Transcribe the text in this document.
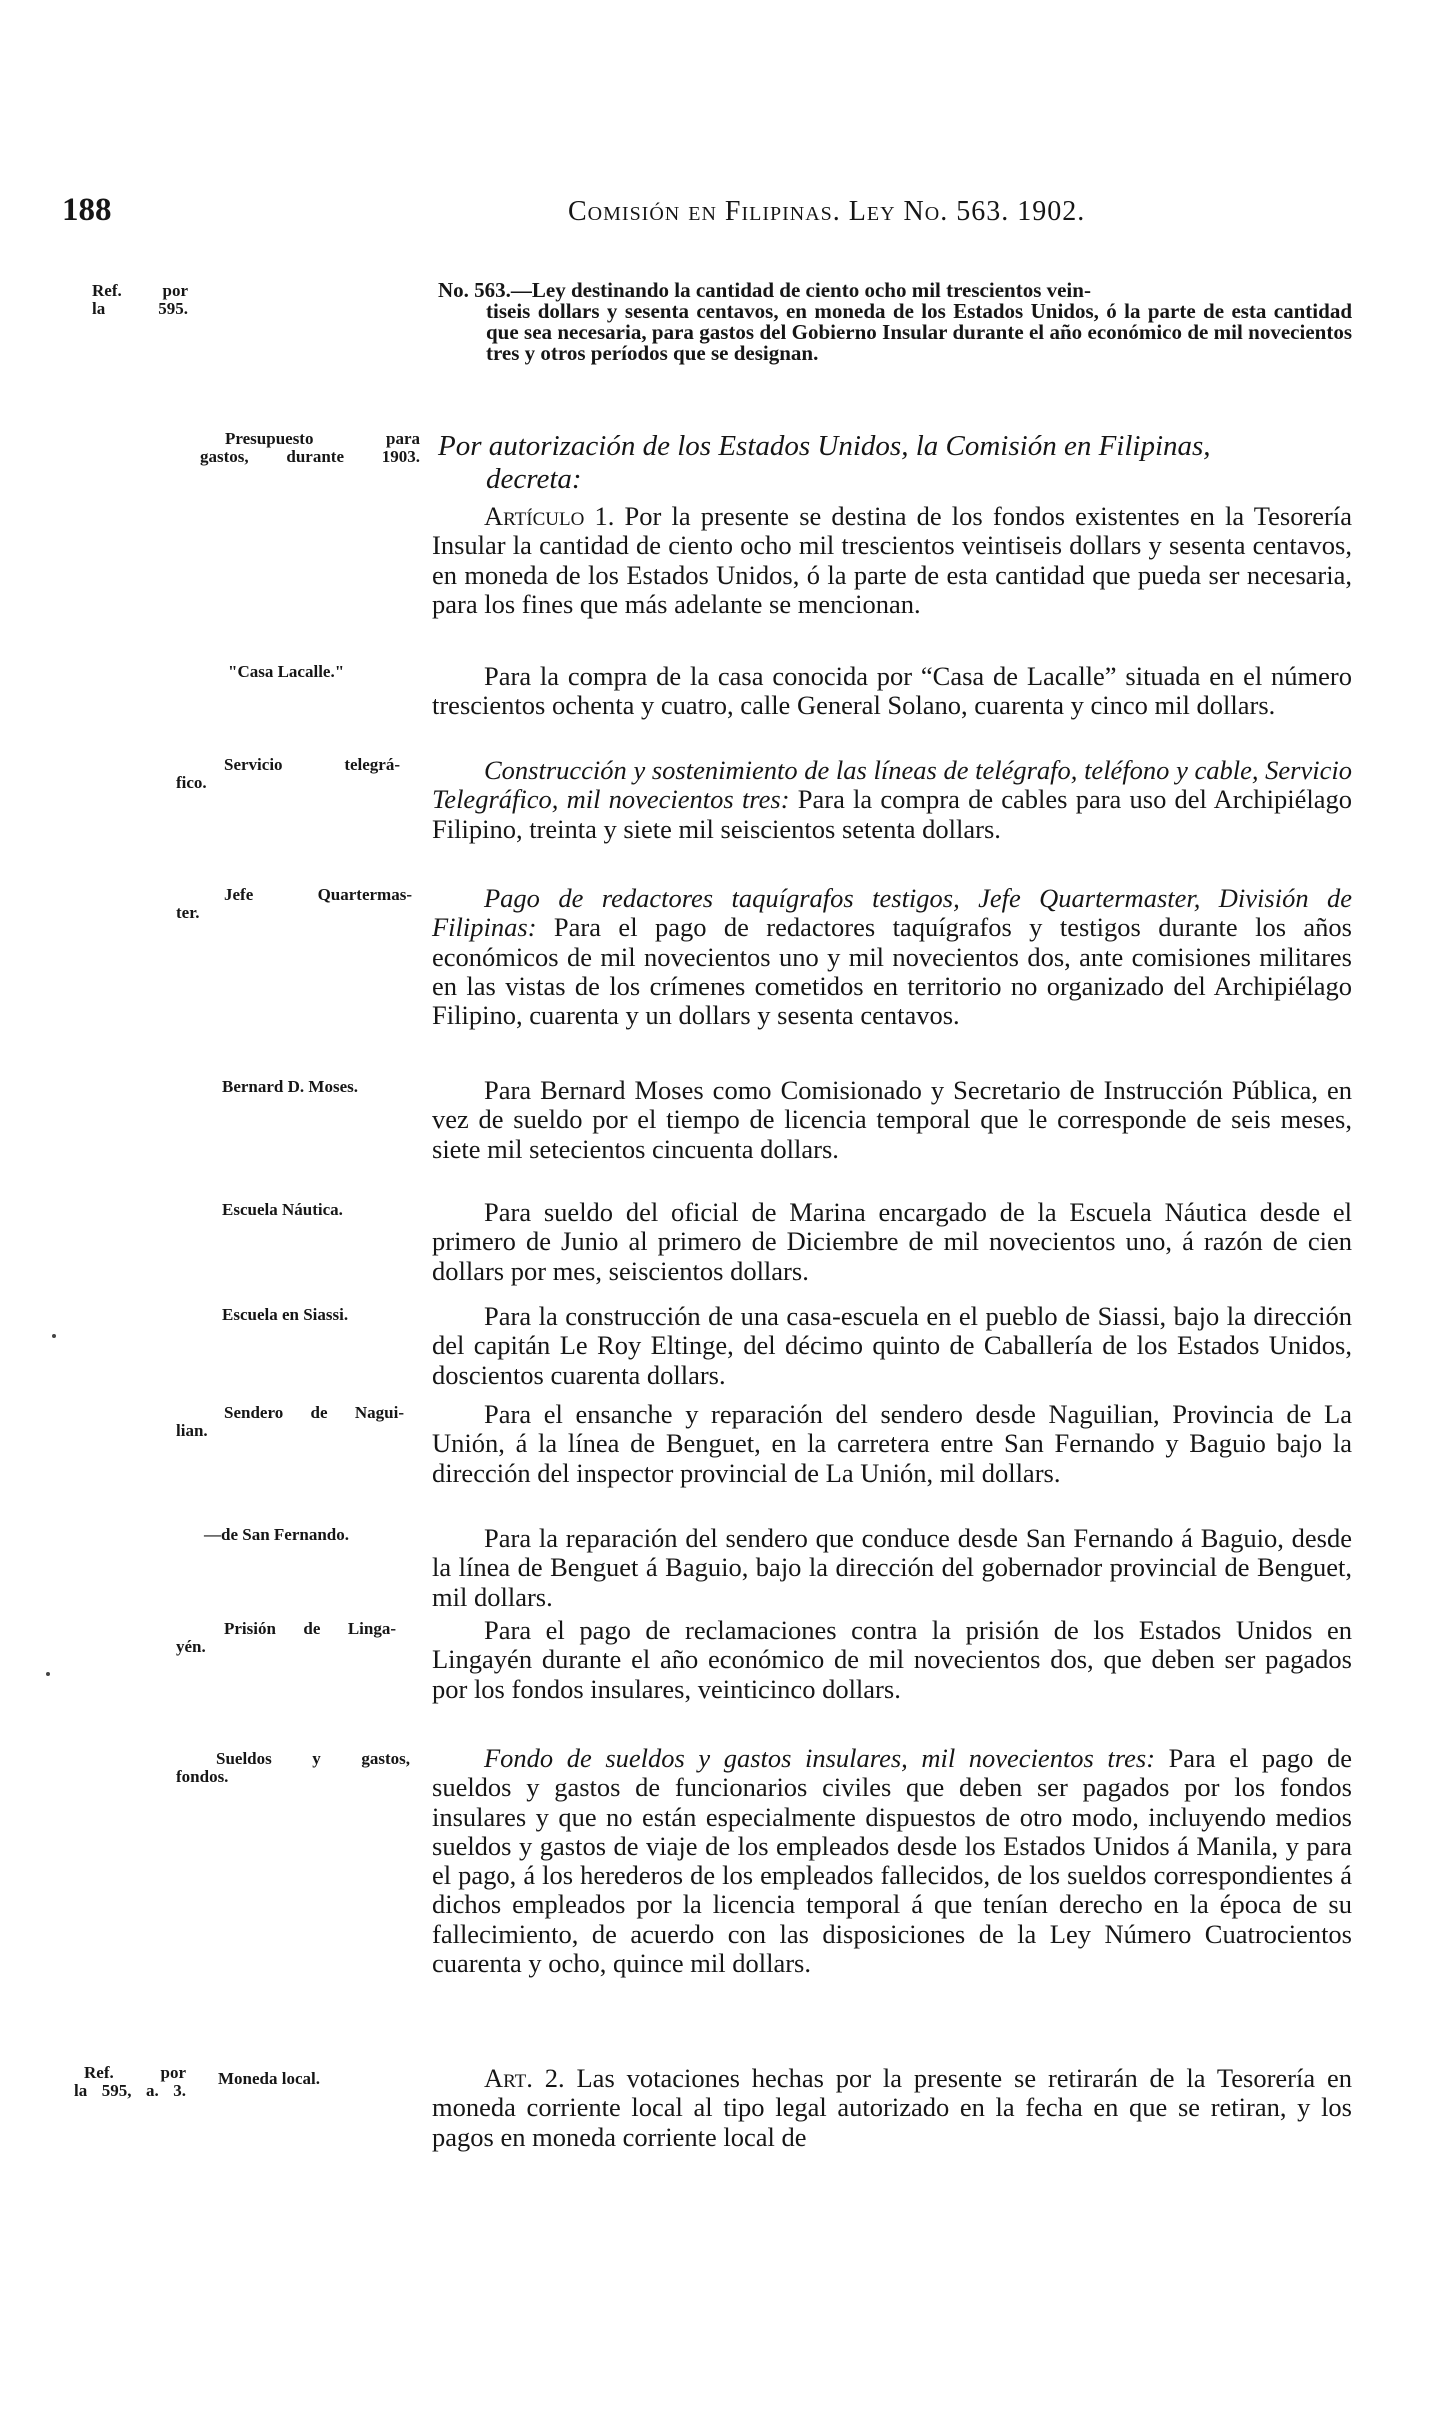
188	Comisión en Filipinas. Ley No. 563. 1902.
Ref. por
la 595.
Presupuesto para
gastos, durante 1903.
"Casa Lacalle."
Servicio telegrá-
fico.
Jefe Quartermas-
ter.
Bernard D. Moses.
Escuela Náutica.
Escuela en Siassi.
Sendero de Nagui-
lian.
—de San Fernando.
Prisión de Linga-
yén.
Sueldos y gastos,
fondos.
Ref. por
la 595, a. 3.
Moneda local.
No. 563.—Ley destinando la cantidad de ciento ocho mil trescientos vein-
tiseis dollars y sesenta centavos, en moneda de los Estados Unidos, ó la parte de esta cantidad que sea necesaria, para gastos del Gobierno Insular durante el año económico de mil novecientos tres y otros períodos que se designan.
Por autorización de los Estados Unidos, la Comisión en Filipinas,
decreta:

Artículo 1. Por la presente se destina de los fondos existentes en la Tesorería Insular la cantidad de ciento ocho mil trescientos veintiseis dollars y sesenta centavos, en moneda de los Estados Unidos, ó la parte de esta cantidad que pueda ser necesaria, para los fines que más adelante se mencionan.

Para la compra de la casa conocida por “Casa de Lacalle” situada en el número trescientos ochenta y cuatro, calle General Solano, cuarenta y cinco mil dollars.

Construcción y sostenimiento de las líneas de telégrafo, teléfono y cable, Servicio Telegráfico, mil novecientos tres: Para la compra de cables para uso del Archipiélago Filipino, treinta y siete mil seiscientos setenta dollars.

Pago de redactores taquígrafos testigos, Jefe Quartermaster, División de Filipinas: Para el pago de redactores taquígrafos y testigos durante los años económicos de mil novecientos uno y mil novecientos dos, ante comisiones militares en las vistas de los crímenes cometidos en territorio no organizado del Archipiélago Filipino, cuarenta y un dollars y sesenta centavos.

Para Bernard Moses como Comisionado y Secretario de Instrucción Pública, en vez de sueldo por el tiempo de licencia temporal que le corresponde de seis meses, siete mil setecientos cincuenta dollars.

Para sueldo del oficial de Marina encargado de la Escuela Náutica desde el primero de Junio al primero de Diciembre de mil novecientos uno, á razón de cien dollars por mes, seiscientos dollars.

Para la construcción de una casa-escuela en el pueblo de Siassi, bajo la dirección del capitán Le Roy Eltinge, del décimo quinto de Caballería de los Estados Unidos, doscientos cuarenta dollars.

Para el ensanche y reparación del sendero desde Naguilian, Provincia de La Unión, á la línea de Benguet, en la carretera entre San Fernando y Baguio bajo la dirección del inspector provincial de La Unión, mil dollars.

Para la reparación del sendero que conduce desde San Fernando á Baguio, desde la línea de Benguet á Baguio, bajo la dirección del gobernador provincial de Benguet, mil dollars.

Para el pago de reclamaciones contra la prisión de los Estados Unidos en Lingayén durante el año económico de mil novecientos dos, que deben ser pagados por los fondos insulares, veinticinco dollars.

Fondo de sueldos y gastos insulares, mil novecientos tres: Para el pago de sueldos y gastos de funcionarios civiles que deben ser pagados por los fondos insulares y que no están especialmente dispuestos de otro modo, incluyendo medios sueldos y gastos de viaje de los empleados desde los Estados Unidos á Manila, y para el pago, á los herederos de los empleados fallecidos, de los sueldos correspondientes á dichos empleados por la licencia temporal á que tenían derecho en la época de su fallecimiento, de acuerdo con las disposiciones de la Ley Número Cuatrocientos cuarenta y ocho, quince mil dollars.

Art. 2. Las votaciones hechas por la presente se retirarán de la Tesorería en moneda corriente local al tipo legal autorizado en la fecha en que se retiran, y los pagos en moneda corriente local de
